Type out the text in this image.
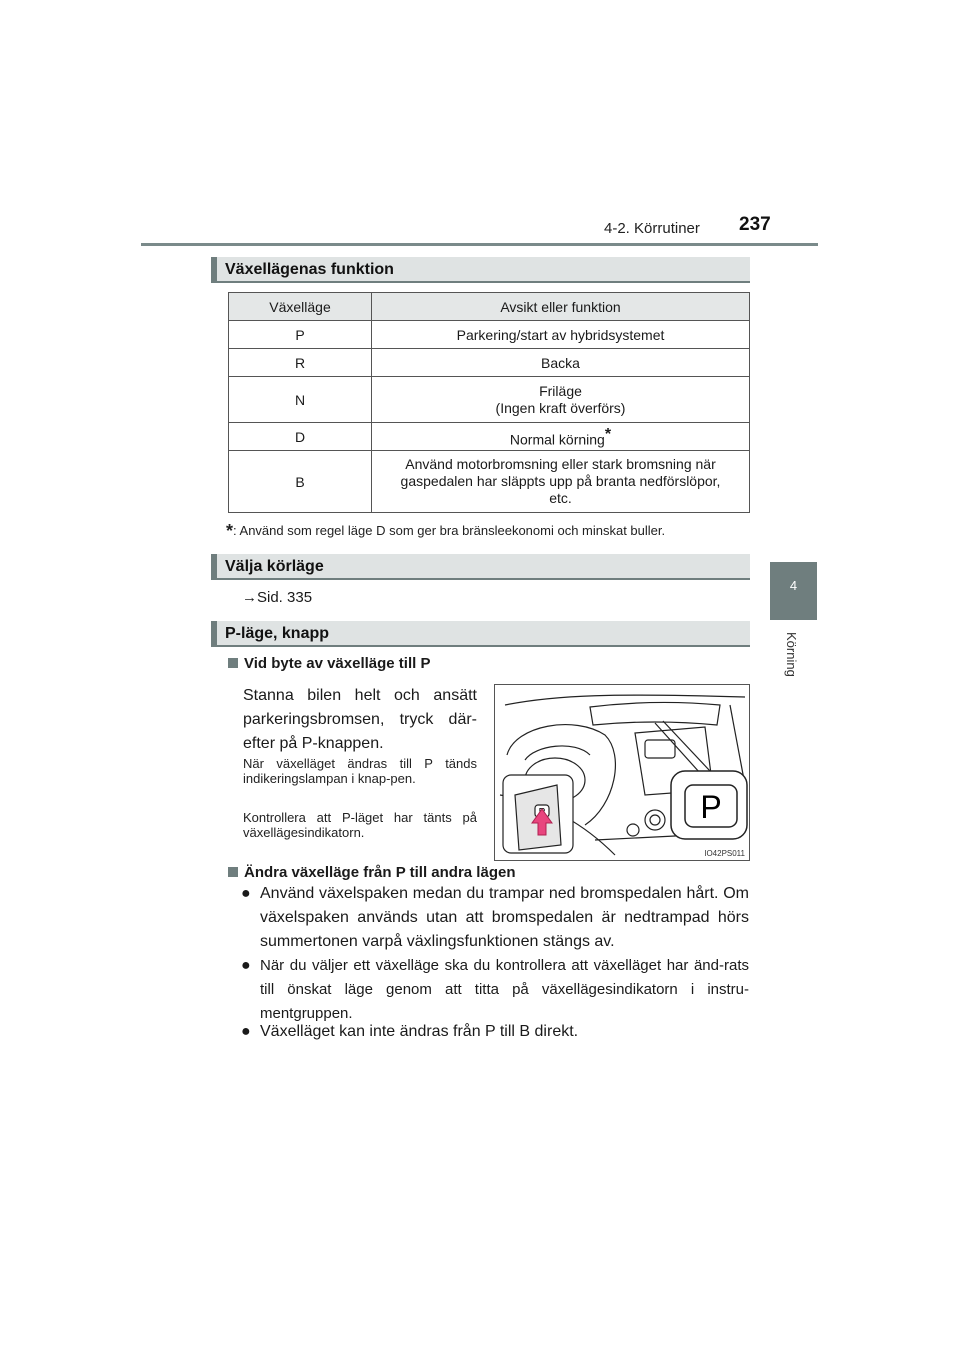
4-2. Körrutiner 237
4
Körning
Växellägenas funktion
Växelläge	Avsikt eller funktion
P	Parkering/start av hybridsystemet
R	Backa
N	Friläge
(Ingen kraft överförs)
D	Normal körning*
B	Använd motorbromsning eller stark bromsning när gaspedalen har släppts upp på branta nedförslöpor, etc.
*: Använd som regel läge D som ger bra bränsleekonomi och minskat buller.
Välja körläge
→Sid. 335
P-läge, knapp
Vid byte av växelläge till P
Stanna bilen helt och ansätt parkeringsbromsen, tryck där-efter på P-knappen.
När växelläget ändras till P tänds indikeringslampan i knap-pen.
Kontrollera att P-läget har tänts på växellägesindikatorn.
P
IO42PS011
Ändra växelläge från P till andra lägen
● Använd växelspaken medan du trampar ned bromspedalen hårt. Om växelspaken används utan att bromspedalen är nedtrampad hörs summertonen varpå växlingsfunktionen stängs av.
● När du väljer ett växelläge ska du kontrollera att växelläget har änd-rats till önskat läge genom att titta på växellägesindikatorn i instru-mentgruppen.
● Växelläget kan inte ändras från P till B direkt.
